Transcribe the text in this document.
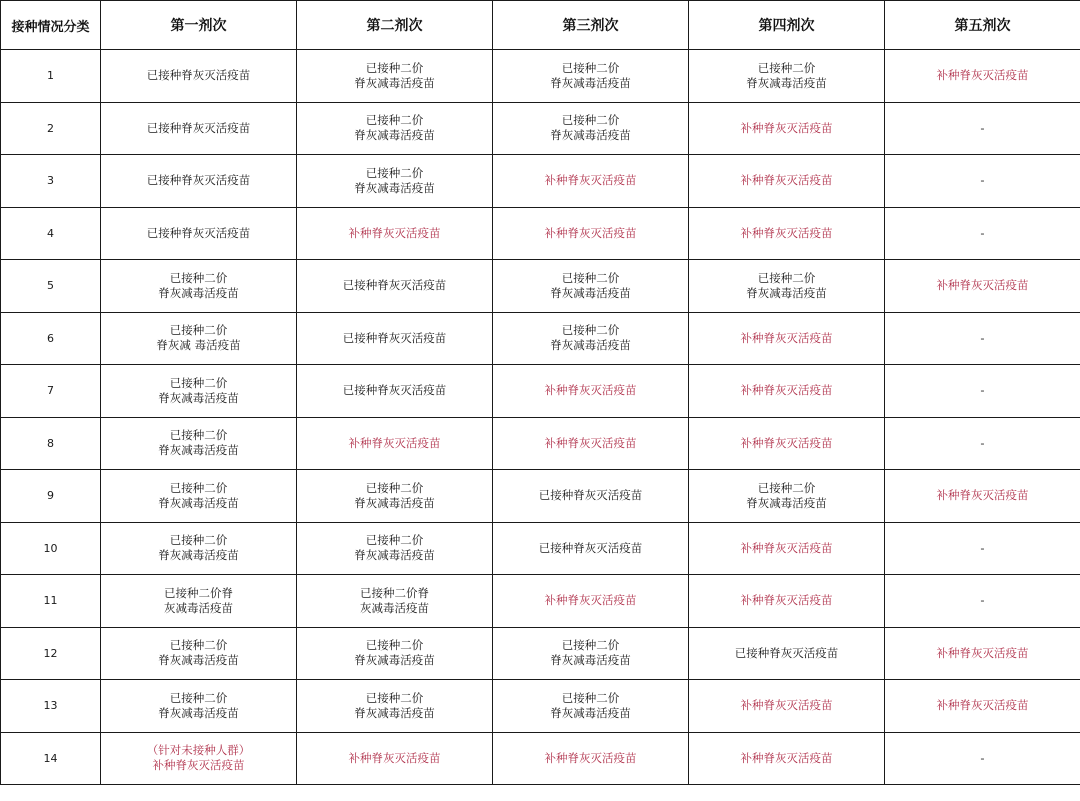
接种情况分类	第一剂次	第二剂次	第三剂次	第四剂次	第五剂次
1	已接种脊灰灭活疫苗	已接种二价
脊灰减毒活疫苗	已接种二价
脊灰减毒活疫苗	已接种二价
脊灰减毒活疫苗	补种脊灰灭活疫苗

2	已接种脊灰灭活疫苗	已接种二价
脊灰减毒活疫苗	已接种二价
脊灰减毒活疫苗	补种脊灰灭活疫苗	-

3	已接种脊灰灭活疫苗	已接种二价
脊灰减毒活疫苗	补种脊灰灭活疫苗	补种脊灰灭活疫苗	-

4	已接种脊灰灭活疫苗	补种脊灰灭活疫苗	补种脊灰灭活疫苗	补种脊灰灭活疫苗	-

5	已接种二价
脊灰减毒活疫苗	已接种脊灰灭活疫苗	已接种二价
脊灰减毒活疫苗	已接种二价
脊灰减毒活疫苗	补种脊灰灭活疫苗

6	已接种二价
脊灰减 毒活疫苗	已接种脊灰灭活疫苗	已接种二价
脊灰减毒活疫苗	补种脊灰灭活疫苗	-

7	已接种二价
脊灰减毒活疫苗	已接种脊灰灭活疫苗	补种脊灰灭活疫苗	补种脊灰灭活疫苗	-

8	已接种二价
脊灰减毒活疫苗	补种脊灰灭活疫苗	补种脊灰灭活疫苗	补种脊灰灭活疫苗	-

9	已接种二价
脊灰减毒活疫苗	已接种二价
脊灰减毒活疫苗	已接种脊灰灭活疫苗	已接种二价
脊灰减毒活疫苗	补种脊灰灭活疫苗

10	已接种二价
脊灰减毒活疫苗	已接种二价
脊灰减毒活疫苗	已接种脊灰灭活疫苗	补种脊灰灭活疫苗	-

11	已接种二价脊
灰减毒活疫苗	已接种二价脊
灰减毒活疫苗	补种脊灰灭活疫苗	补种脊灰灭活疫苗	-

12	已接种二价
脊灰减毒活疫苗	已接种二价
脊灰减毒活疫苗	已接种二价
脊灰减毒活疫苗	已接种脊灰灭活疫苗	补种脊灰灭活疫苗

13	已接种二价
脊灰减毒活疫苗	已接种二价
脊灰减毒活疫苗	已接种二价
脊灰减毒活疫苗	补种脊灰灭活疫苗	补种脊灰灭活疫苗

14	（针对未接种人群）
补种脊灰灭活疫苗	补种脊灰灭活疫苗	补种脊灰灭活疫苗	补种脊灰灭活疫苗	-
